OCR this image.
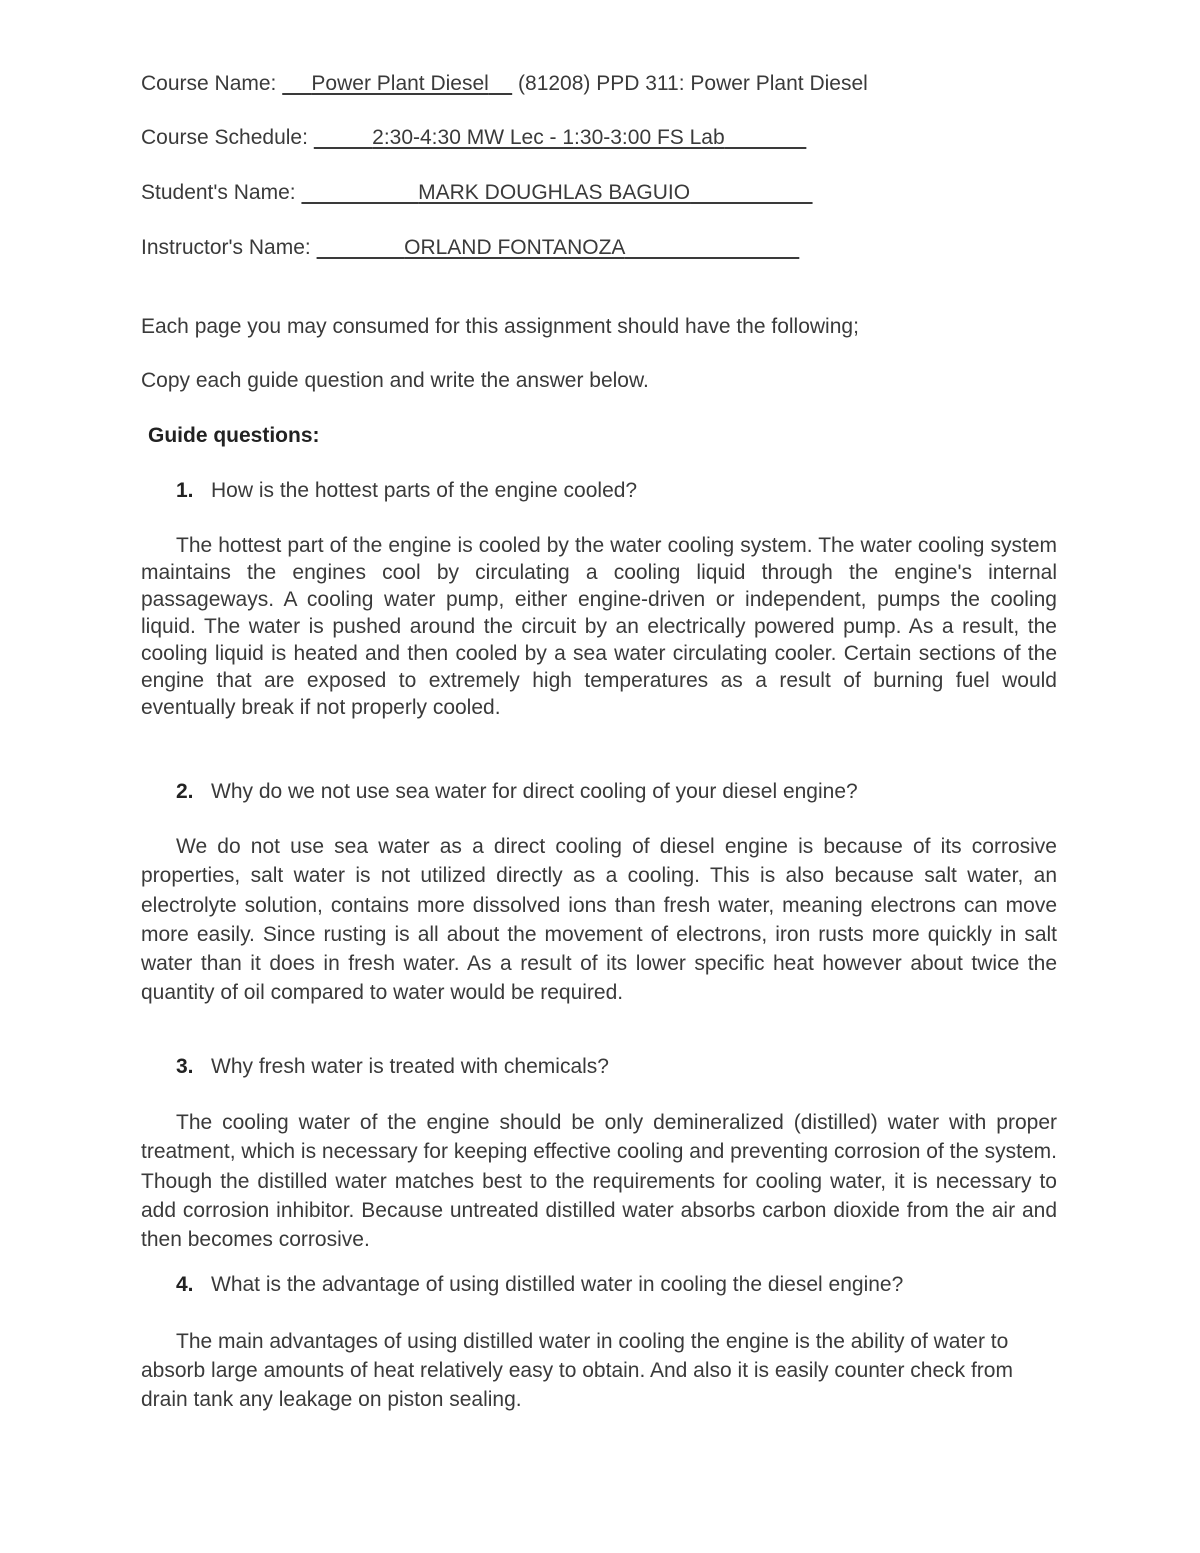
Course Name: Power Plant Diesel     (81208) PPD 311: Power Plant Diesel
Course Schedule:	2:30-4:30 MW Lec - 1:30-3:00 FS Lab
Student's Name:	MARK DOUGHLAS BAGUIO
Instructor's Name:	ORLAND FONTANOZA
Each page you may consumed for this assignment should have the following;
Copy each guide question and write the answer below.
Guide questions:
1. How is the hottest parts of the engine cooled?

The hottest part of the engine is cooled by the water cooling system. The water cooling system maintains the engines cool by circulating a cooling liquid through the engine's internal passageways. A cooling water pump, either engine-driven or independent, pumps the cooling liquid. The water is pushed around the circuit by an electrically powered pump. As a result, the cooling liquid is heated and then cooled by a sea water circulating cooler. Certain sections of the engine that are exposed to extremely high temperatures as a result of burning fuel would eventually break if not properly cooled.

2. Why do we not use sea water for direct cooling of your diesel engine?

We do not use sea water as a direct cooling of diesel engine is because of its corrosive properties, salt water is not utilized directly as a cooling. This is also because salt water, an electrolyte solution, contains more dissolved ions than fresh water, meaning electrons can move more easily. Since rusting is all about the movement of electrons, iron rusts more quickly in salt water than it does in fresh water. As a result of its lower specific heat however about twice the quantity of oil compared to water would be required.

3. Why fresh water is treated with chemicals?

The cooling water of the engine should be only demineralized (distilled) water with proper treatment, which is necessary for keeping effective cooling and preventing corrosion of the system. Though the distilled water matches best to the requirements for cooling water, it is necessary to add corrosion inhibitor. Because untreated distilled water absorbs carbon dioxide from the air and then becomes corrosive.

4. What is the advantage of using distilled water in cooling the diesel engine?

The main advantages of using distilled water in cooling the engine is the ability of water to absorb large amounts of heat relatively easy to obtain. And also it is easily counter check from drain tank any leakage on piston sealing.
